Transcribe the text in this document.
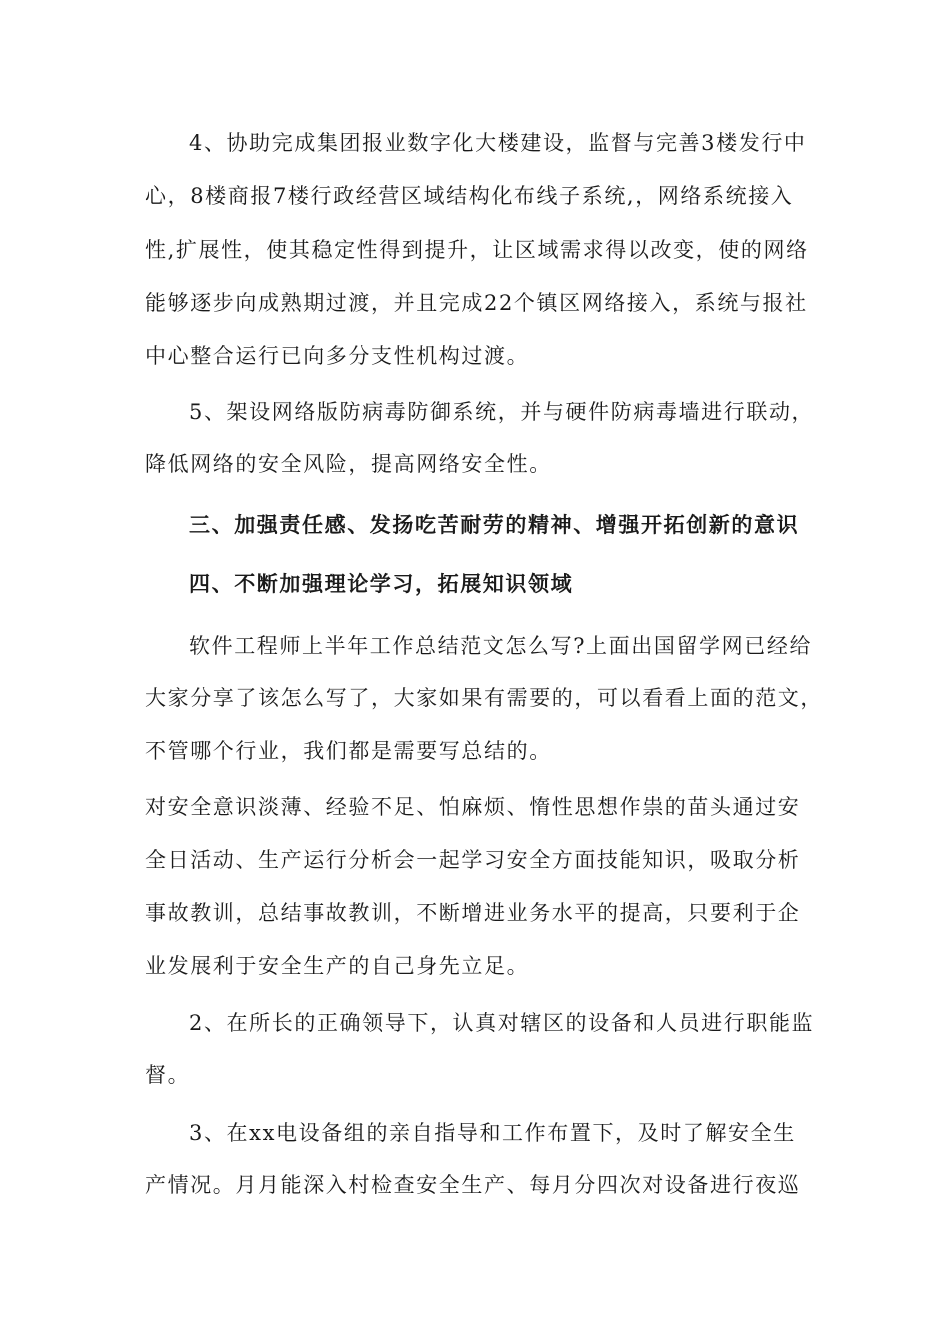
4、协助完成集团报业数字化大楼建设，监督与完善3楼发行中
心，8楼商报7楼行政经营区域结构化布线子系统,，网络系统接入
性,扩展性，使其稳定性得到提升，让区域需求得以改变，使的网络
能够逐步向成熟期过渡，并且完成22个镇区网络接入，系统与报社
中心整合运行已向多分支性机构过渡。
5、架设网络版防病毒防御系统，并与硬件防病毒墙进行联动，
降低网络的安全风险，提高网络安全性。
三、加强责任感、发扬吃苦耐劳的精神、增强开拓创新的意识
四、不断加强理论学习，拓展知识领域
软件工程师上半年工作总结范文怎么写?上面出国留学网已经给
大家分享了该怎么写了，大家如果有需要的，可以看看上面的范文，
不管哪个行业，我们都是需要写总结的。
对安全意识淡薄、经验不足、怕麻烦、惰性思想作祟的苗头通过安
全日活动、生产运行分析会一起学习安全方面技能知识，吸取分析
事故教训，总结事故教训，不断增进业务水平的提高，只要利于企
业发展利于安全生产的自己身先立足。
2、在所长的正确领导下，认真对辖区的设备和人员进行职能监
督。
3、在xx电设备组的亲自指导和工作布置下，及时了解安全生
产情况。月月能深入村检查安全生产、每月分四次对设备进行夜巡
